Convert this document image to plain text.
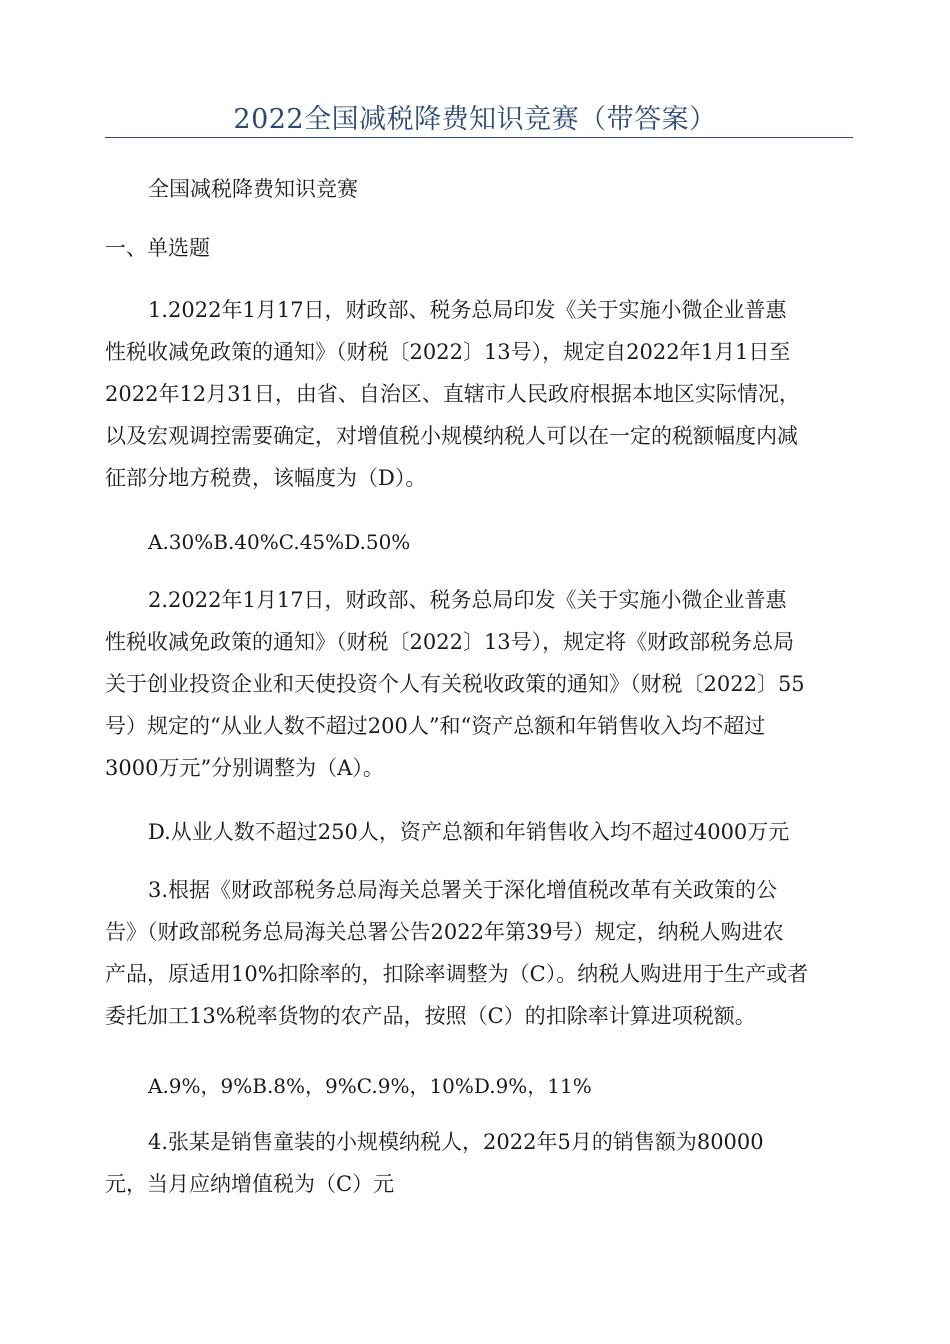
2022全国减税降费知识竞赛（带答案）
全国减税降费知识竞赛
一、单选题

1.2022年1月17日，财政部、税务总局印发《关于实施小微企业普惠

性税收减免政策的通知》（财税〔2022〕13号），规定自2022年1月1日至

2022年12月31日，由省、自治区、直辖市人民政府根据本地区实际情况，

以及宏观调控需要确定，对增值税小规模纳税人可以在一定的税额幅度内减

征部分地方税费，该幅度为（D）。

A.30%B.40%C.45%D.50%

2.2022年1月17日，财政部、税务总局印发《关于实施小微企业普惠

性税收减免政策的通知》（财税〔2022〕13号），规定将《财政部税务总局

关于创业投资企业和天使投资个人有关税收政策的通知》（财税〔2022〕55

号）规定的“从业人数不超过200人”和“资产总额和年销售收入均不超过

3000万元”分别调整为（A）。

D.从业人数不超过250人，资产总额和年销售收入均不超过4000万元

3.根据《财政部税务总局海关总署关于深化增值税改革有关政策的公

告》（财政部税务总局海关总署公告2022年第39号）规定，纳税人购进农

产品，原适用10%扣除率的，扣除率调整为（C）。纳税人购进用于生产或者

委托加工13%税率货物的农产品，按照（C）的扣除率计算进项税额。

A.9%，9%B.8%，9%C.9%，10%D.9%，11%

4.张某是销售童装的小规模纳税人，2022年5月的销售额为80000

元，当月应纳增值税为（C）元
